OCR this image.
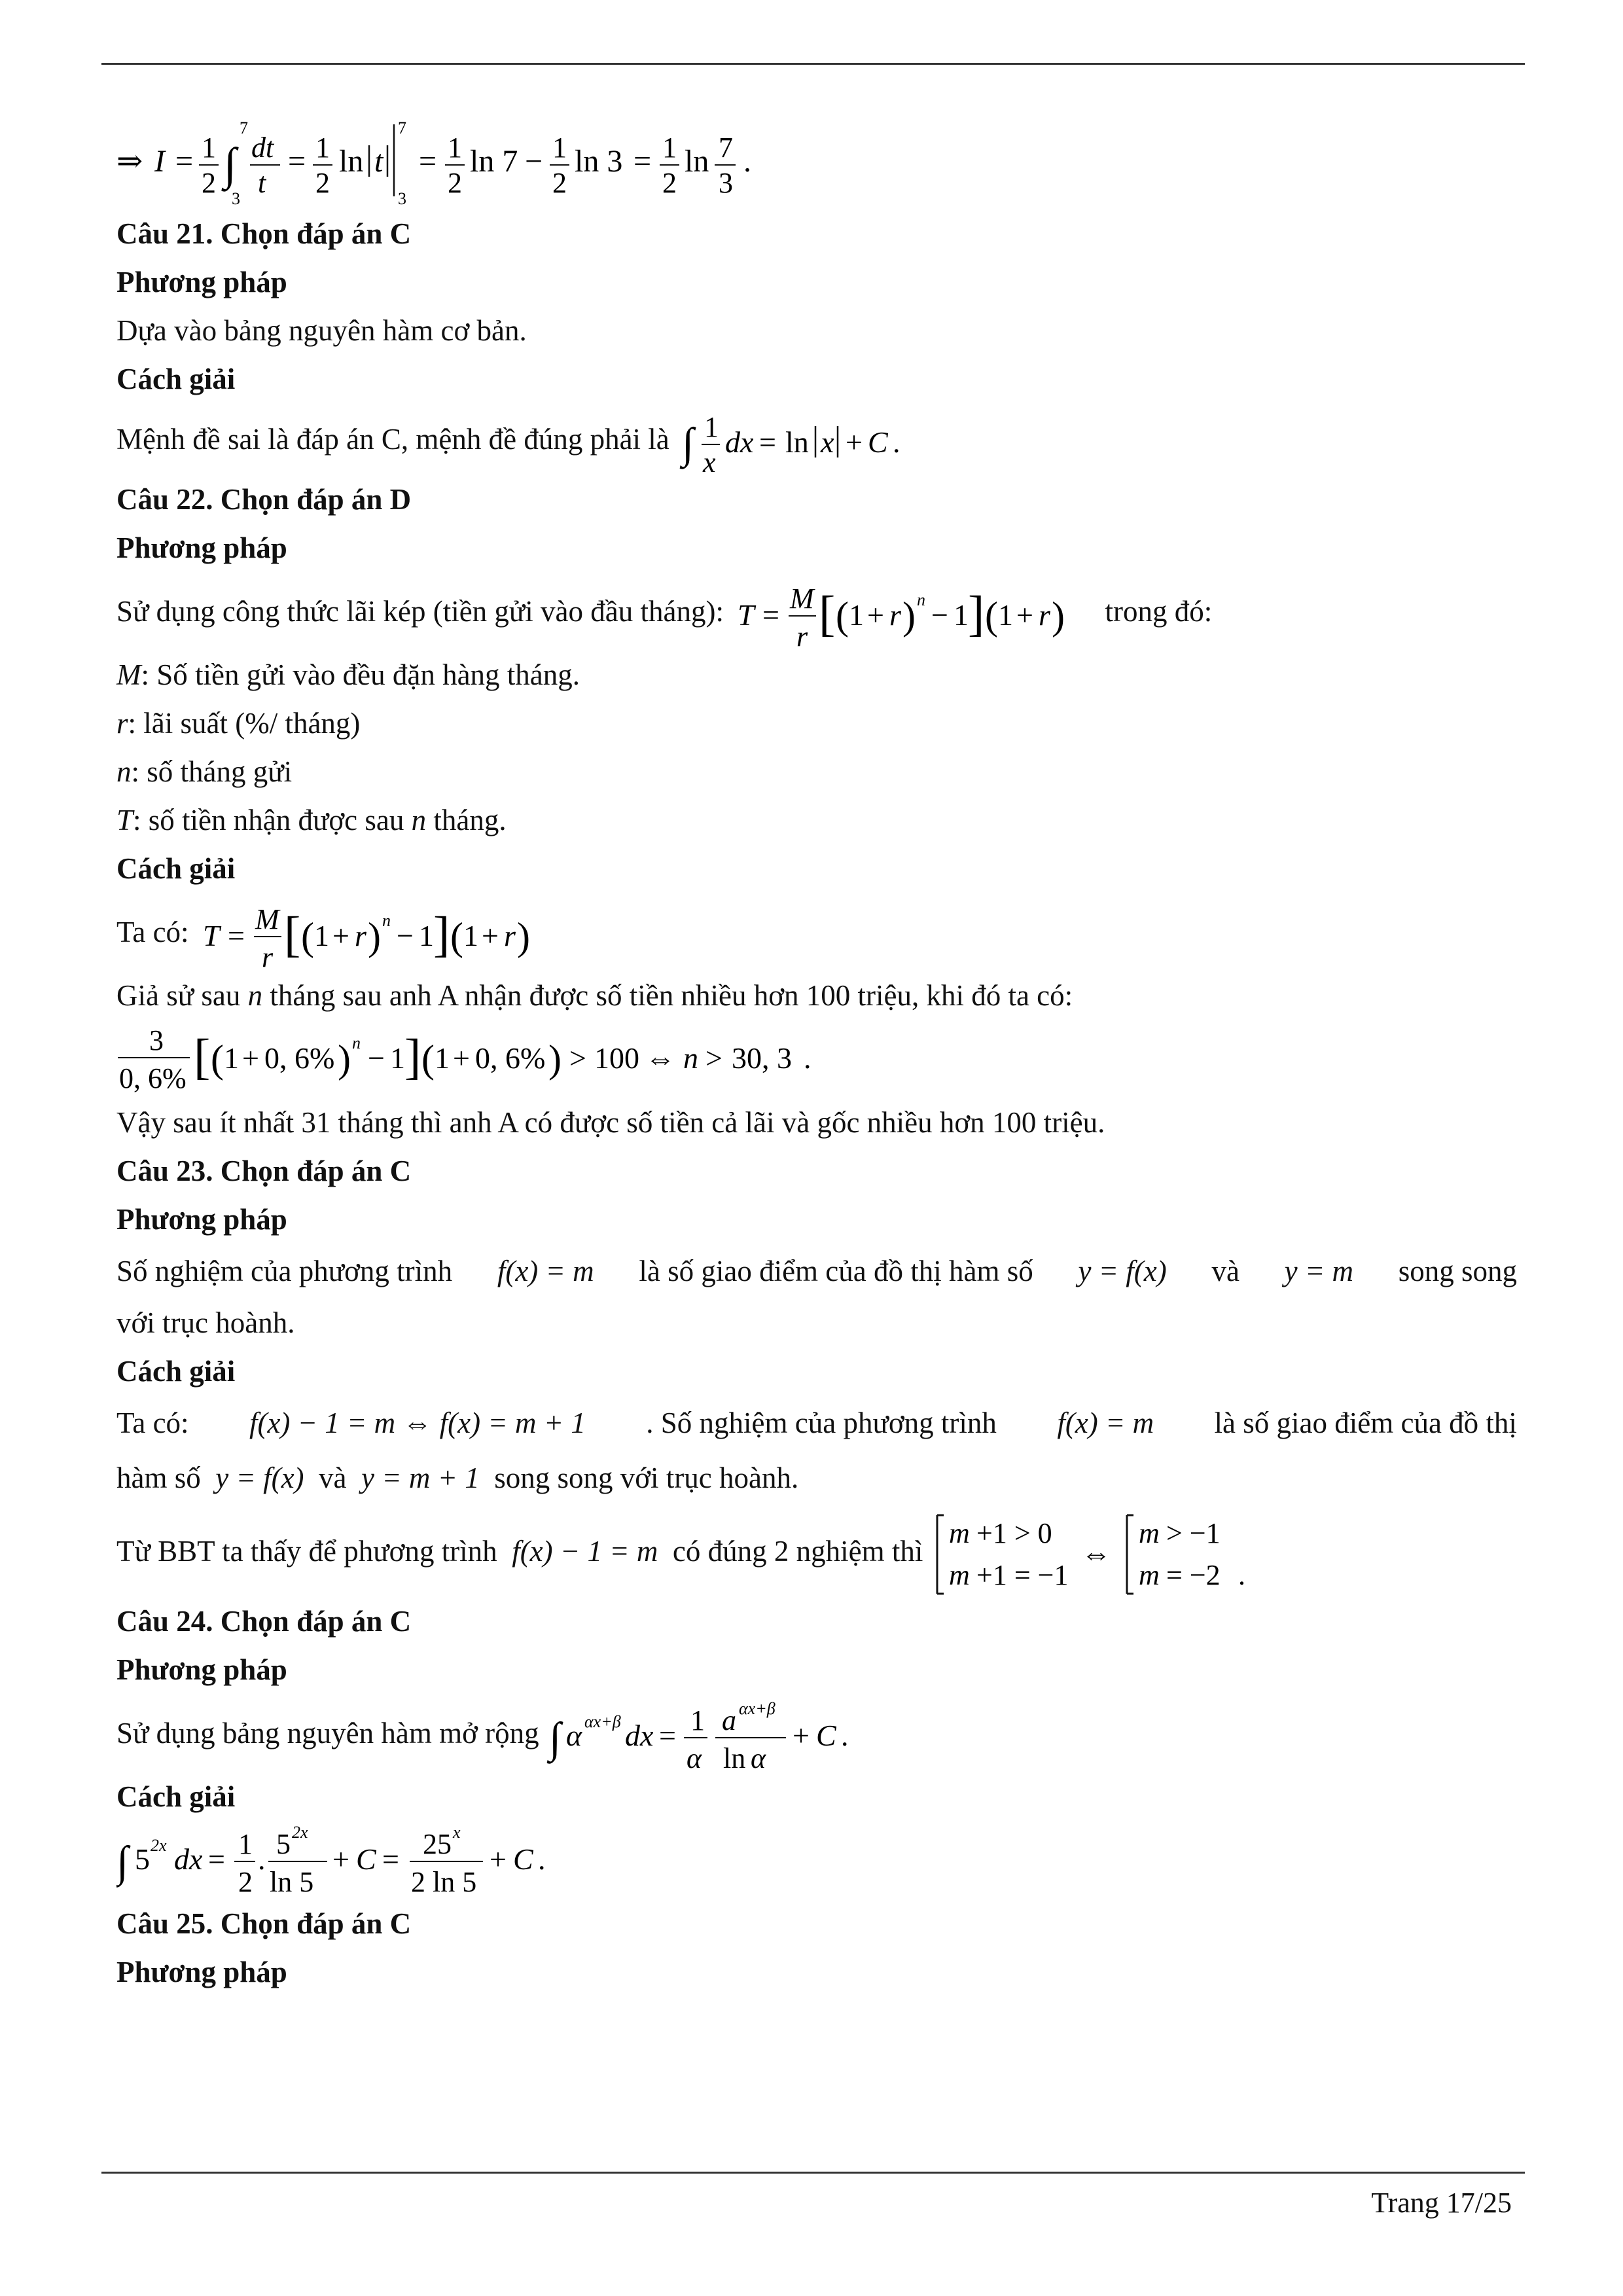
⇒ I = 1
2 ∫
7
3
dt
t
= 1
2
ln t
7
3
= 1
2
ln 7 − 1
2
ln 3 = 1
2
ln 7
3
.
Câu 21. Chọn đáp án C
Phương pháp
Dựa vào bảng nguyên hàm cơ bản.
Cách giải
Mệnh đề sai là đáp án C, mệnh đề đúng phải là ∫ 1
x
dx = ln x + C .
Câu 22. Chọn đáp án D
Phương pháp
Sử dụng công thức lãi kép (tiền gửi vào đầu tháng): T = M
r [ ( 1 + r ) n − 1 ] ( 1 + r ) trong đó:
M: Số tiền gửi vào đều đặn hàng tháng.
r: lãi suất (%/ tháng)
n: số tháng gửi
T: số tiền nhận được sau n tháng.
Cách giải
Ta có: T = M
r [ ( 1 + r ) n − 1 ] ( 1 + r )
Giả sử sau n tháng sau anh A nhận được số tiền nhiều hơn 100 triệu, khi đó ta có:
3
0, 6% [ ( 1 + 0, 6% ) n − 1 ] ( 1 + 0, 6% ) > 100 ⇔ n > 30, 3 .
Vậy sau ít nhất 31 tháng thì anh A có được số tiền cả lãi và gốc nhiều hơn 100 triệu.
Câu 23. Chọn đáp án C
Phương pháp
Số nghiệm của phương trình f(x) = m là số giao điểm của đồ thị hàm số y = f(x) và y = m song song
với trục hoành.
Cách giải
Ta có: f(x) − 1 = m ⇔ f(x) = m + 1 . Số nghiệm của phương trình f(x) = m là số giao điểm của đồ thị
hàm số y = f(x) và y = m + 1 song song với trục hoành.
Từ BBT ta thấy để phương trình f(x) − 1 = m có đúng 2 nghiệm thì
m +1 > 0
m +1 = −1
⇔
m > −1
m = −2 .
Câu 24. Chọn đáp án C
Phương pháp
Sử dụng bảng nguyên hàm mở rộng ∫ α αx+β dx = 1
α
a αx+β
ln α
+ C .
Cách giải
∫ 5 2x dx = 1
2
. 5 2x
ln 5
+ C = 25 x
2 ln 5
+ C .
Câu 25. Chọn đáp án C
Phương pháp
Trang 17/25
